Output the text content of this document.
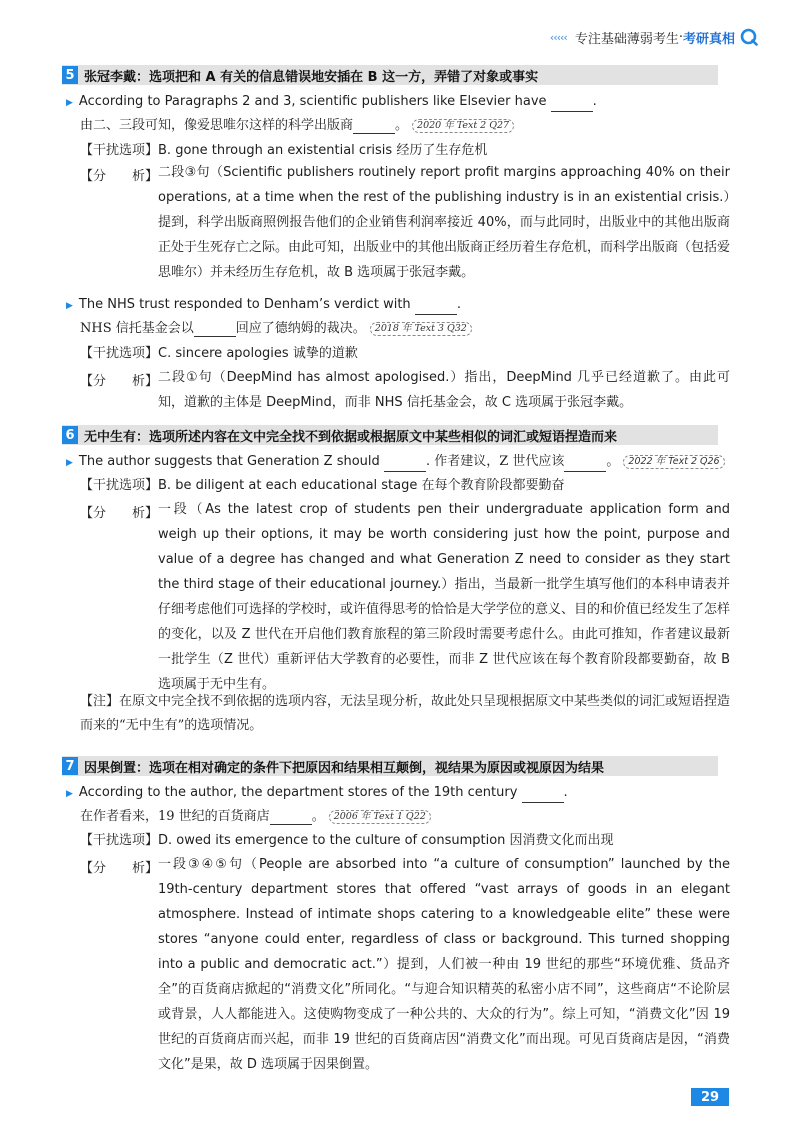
‹‹‹‹‹ 专注基础薄弱考生 · 考研真相
5 张冠李戴：选项把和 A 有关的信息错误地安插在 B 这一方，弄错了对象或事实
▶ According to Paragraphs 2 and 3, scientific publishers like Elsevier have	.
由二、三段可知，像爱思唯尔这样的科学出版商	。 2020 年 Text 2 Q27
【干扰选项】B. gone through an existential crisis 经历了生存危机
【分　　析】 二段③句（Scientific publishers routinely report profit margins approaching 40% on their operations, at a time when the rest of the publishing industry is in an existential crisis.）提到，科学出版商照例报告他们的企业销售利润率接近 40%，而与此同时，出版业中的其他出版商正处于生死存亡之际。由此可知，出版业中的其他出版商正经历着生存危机，而科学出版商（包括爱思唯尔）并未经历生存危机，故 B 选项属于张冠李戴。
▶ The NHS trust responded to Denham’s verdict with	.
NHS 信托基金会以	回应了德纳姆的裁决。 2018 年 Text 3 Q32
【干扰选项】C. sincere apologies 诚挚的道歉
【分　　析】 二段①句（DeepMind has almost apologised.）指出，DeepMind 几乎已经道歉了。由此可知，道歉的主体是 DeepMind，而非 NHS 信托基金会，故 C 选项属于张冠李戴。
6 无中生有：选项所述内容在文中完全找不到依据或根据原文中某些相似的词汇或短语捏造而来
▶ The author suggests that Generation Z should	. 作者建议，Z 世代应该	。 2022 年 Text 2 Q26
【干扰选项】B. be diligent at each educational stage 在每个教育阶段都要勤奋
【分　　析】 一段（As the latest crop of students pen their undergraduate application form and weigh up their options, it may be worth considering just how the point, purpose and value of a degree has changed and what Generation Z need to consider as they start the third stage of their educational journey.）指出，当最新一批学生填写他们的本科申请表并仔细考虑他们可选择的学校时，或许值得思考的恰恰是大学学位的意义、目的和价值已经发生了怎样的变化，以及 Z 世代在开启他们教育旅程的第三阶段时需要考虑什么。由此可推知，作者建议最新一批学生（Z 世代）重新评估大学教育的必要性，而非 Z 世代应该在每个教育阶段都要勤奋，故 B 选项属于无中生有。
【注】在原文中完全找不到依据的选项内容，无法呈现分析，故此处只呈现根据原文中某些类似的词汇或短语捏造而来的“无中生有”的选项情况。
7 因果倒置：选项在相对确定的条件下把原因和结果相互颠倒，视结果为原因或视原因为结果
▶ According to the author, the department stores of the 19th century	.
在作者看来，19 世纪的百货商店	。 2006 年 Text 1 Q22
【干扰选项】D. owed its emergence to the culture of consumption 因消费文化而出现
【分　　析】 一段③④⑤句（People are absorbed into “a culture of consumption” launched by the 19th-century department stores that offered “vast arrays of goods in an elegant atmosphere. Instead of intimate shops catering to a knowledgeable elite” these were stores “anyone could enter, regardless of class or background. This turned shopping into a public and democratic act.”）提到，人们被一种由 19 世纪的那些“环境优雅、货品齐全”的百货商店掀起的“消费文化”所同化。“与迎合知识精英的私密小店不同”，这些商店“不论阶层或背景，人人都能进入。这使购物变成了一种公共的、大众的行为”。综上可知，“消费文化”因 19 世纪的百货商店而兴起，而非 19 世纪的百货商店因“消费文化”而出现。可见百货商店是因，“消费文化”是果，故 D 选项属于因果倒置。
29
